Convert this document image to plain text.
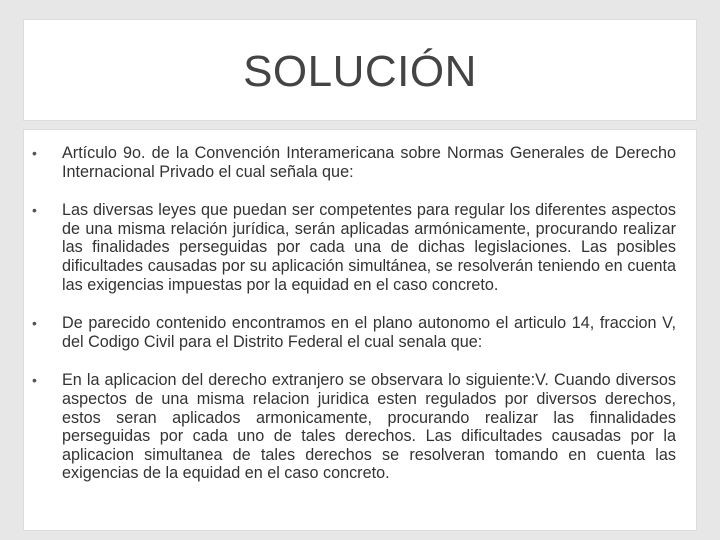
SOLUCIÓN
• Artículo 9o. de la Convención Interamericana sobre Normas Generales de Derecho Internacional Privado el cual señala que:
• Las diversas leyes que puedan ser competentes para regular los diferentes aspectos de una misma relación jurídica, serán aplicadas armónicamente, procurando realizar las finalidades perseguidas por cada una de dichas legislaciones. Las posibles dificultades causadas por su aplicación simultánea, se resolverán teniendo en cuenta las exigencias impuestas por la equidad en el caso concreto.
• De parecido contenido encontramos en el plano autonomo el articulo 14, fraccion V, del Codigo Civil para el Distrito Federal el cual senala que:
• En la aplicacion del derecho extranjero se observara lo siguiente:V. Cuando diversos aspectos de una misma relacion juridica esten regulados por diversos derechos, estos seran aplicados armonicamente, procurando realizar las finnalidades perseguidas por cada uno de tales derechos. Las dificultades causadas por la aplicacion simultanea de tales derechos se resolveran tomando en cuenta las exigencias de la equidad en el caso concreto.
